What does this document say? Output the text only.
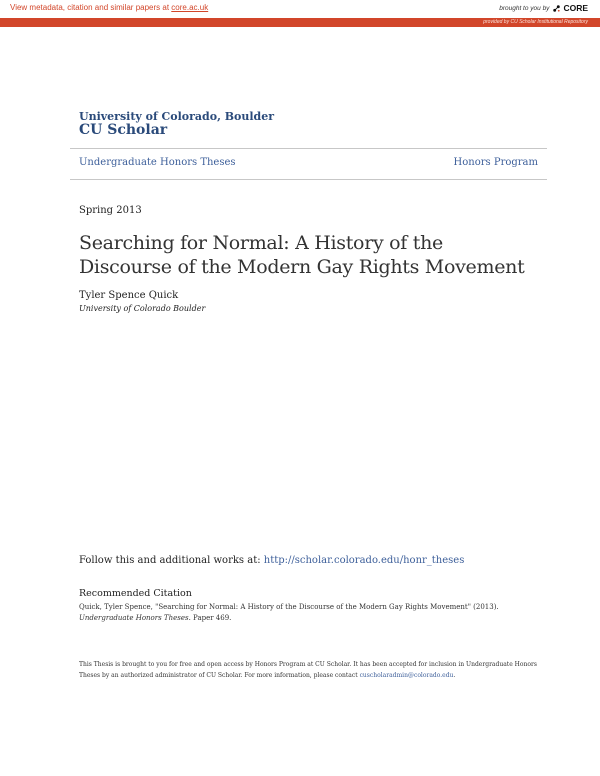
View metadata, citation and similar papers at core.ac.uk	brought to you by CORE
provided by CU Scholar Institutional Repository
University of Colorado, Boulder
CU Scholar
Undergraduate Honors Theses	Honors Program
Spring 2013
Searching for Normal: A History of the Discourse of the Modern Gay Rights Movement
Tyler Spence Quick
University of Colorado Boulder
Follow this and additional works at: http://scholar.colorado.edu/honr_theses
Recommended Citation
Quick, Tyler Spence, "Searching for Normal: A History of the Discourse of the Modern Gay Rights Movement" (2013). Undergraduate Honors Theses. Paper 469.
This Thesis is brought to you for free and open access by Honors Program at CU Scholar. It has been accepted for inclusion in Undergraduate Honors Theses by an authorized administrator of CU Scholar. For more information, please contact cuscholaradmin@colorado.edu.
